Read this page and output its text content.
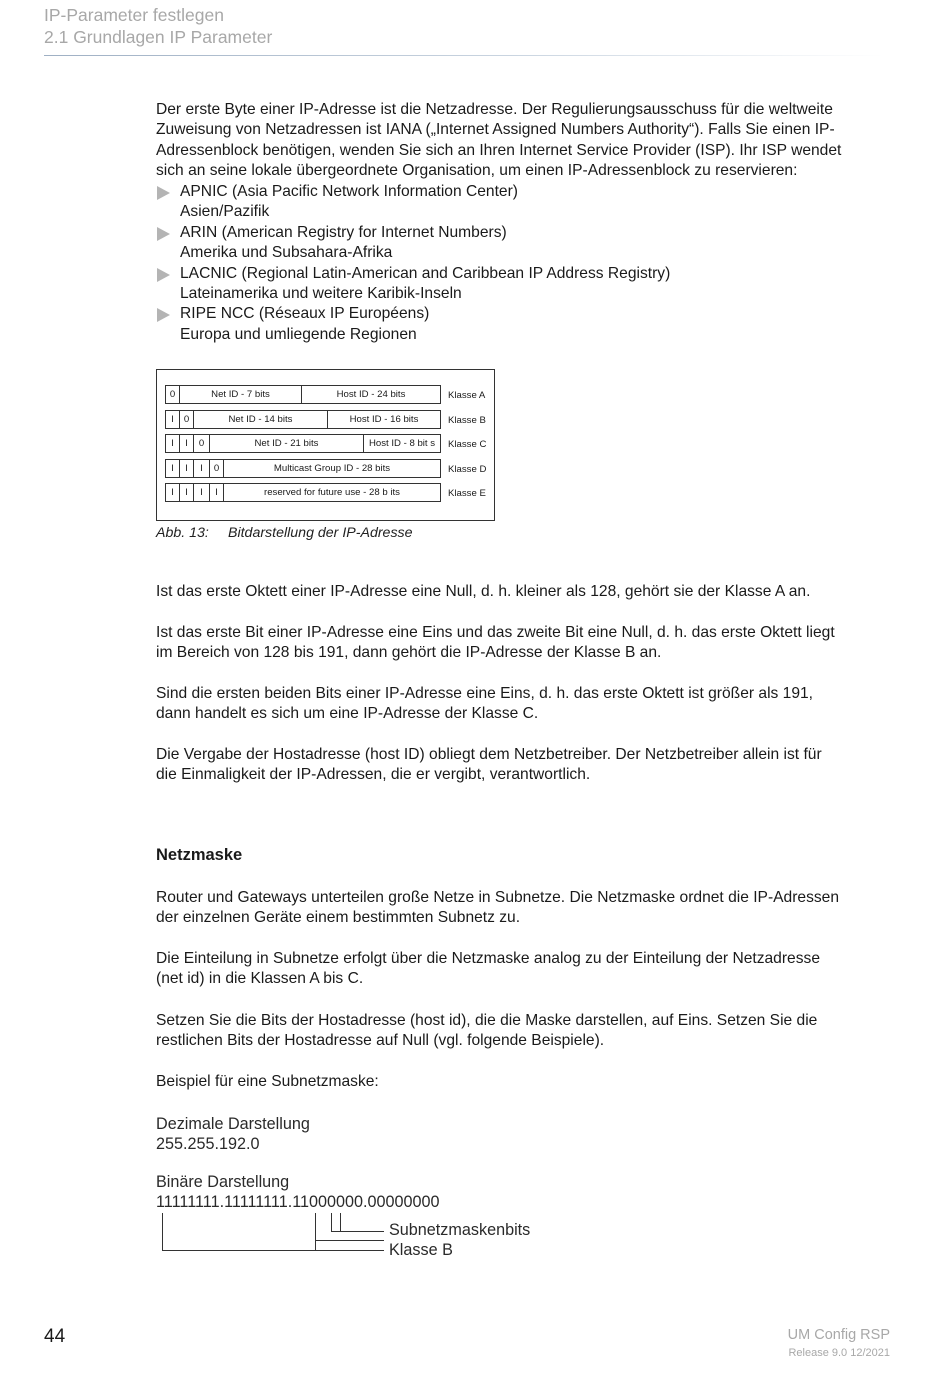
IP-Parameter festlegen
2.1 Grundlagen IP Parameter
Der erste Byte einer IP-Adresse ist die Netzadresse. Der Regulierungsausschuss für die weltweite
Zuweisung von Netzadressen ist IANA („Internet Assigned Numbers Authority“). Falls Sie einen IP-
Adressenblock benötigen, wenden Sie sich an Ihren Internet Service Provider (ISP). Ihr ISP wendet
sich an seine lokale übergeordnete Organisation, um einen IP-Adressenblock zu reservieren:
APNIC (Asia Pacific Network Information Center)
Asien/Pazifik
ARIN (American Registry for Internet Numbers)
Amerika und Subsahara-Afrika
LACNIC (Regional Latin-American and Caribbean IP Address Registry)
Lateinamerika und weitere Karibik-Inseln
RIPE NCC (Réseaux IP Européens)
Europa und umliegende Regionen
0	Net ID - 7 bits	Host ID - 24 bits	Klasse A
I	0	Net ID - 14 bits	Host ID - 16 bits	Klasse B
I	I	0	Net ID - 21 bits	Host ID - 8 bit s	Klasse C
I	I	I	0	Multicast Group ID - 28 bits	Klasse D
I	I	I	I	reserved for future use - 28 b its	Klasse E
Abb. 13: Bitdarstellung der IP-Adresse
Ist das erste Oktett einer IP-Adresse eine Null, d. h. kleiner als 128, gehört sie der Klasse A an.
Ist das erste Bit einer IP-Adresse eine Eins und das zweite Bit eine Null, d. h. das erste Oktett liegt
im Bereich von 128 bis 191, dann gehört die IP-Adresse der Klasse B an.
Sind die ersten beiden Bits einer IP-Adresse eine Eins, d. h. das erste Oktett ist größer als 191,
dann handelt es sich um eine IP-Adresse der Klasse C.
Die Vergabe der Hostadresse (host ID) obliegt dem Netzbetreiber. Der Netzbetreiber allein ist für
die Einmaligkeit der IP-Adressen, die er vergibt, verantwortlich.
Netzmaske
Router und Gateways unterteilen große Netze in Subnetze. Die Netzmaske ordnet die IP-Adressen
der einzelnen Geräte einem bestimmten Subnetz zu.
Die Einteilung in Subnetze erfolgt über die Netzmaske analog zu der Einteilung der Netzadresse
(net id) in die Klassen A bis C.
Setzen Sie die Bits der Hostadresse (host id), die die Maske darstellen, auf Eins. Setzen Sie die
restlichen Bits der Hostadresse auf Null (vgl. folgende Beispiele).
Beispiel für eine Subnetzmaske:
Dezimale Darstellung
255.255.192.0
Binäre Darstellung
11111111.11111111.11000000.00000000
Subnetzmaskenbits
Klasse B
44	UM Config RSP
Release 9.0 12/2021
